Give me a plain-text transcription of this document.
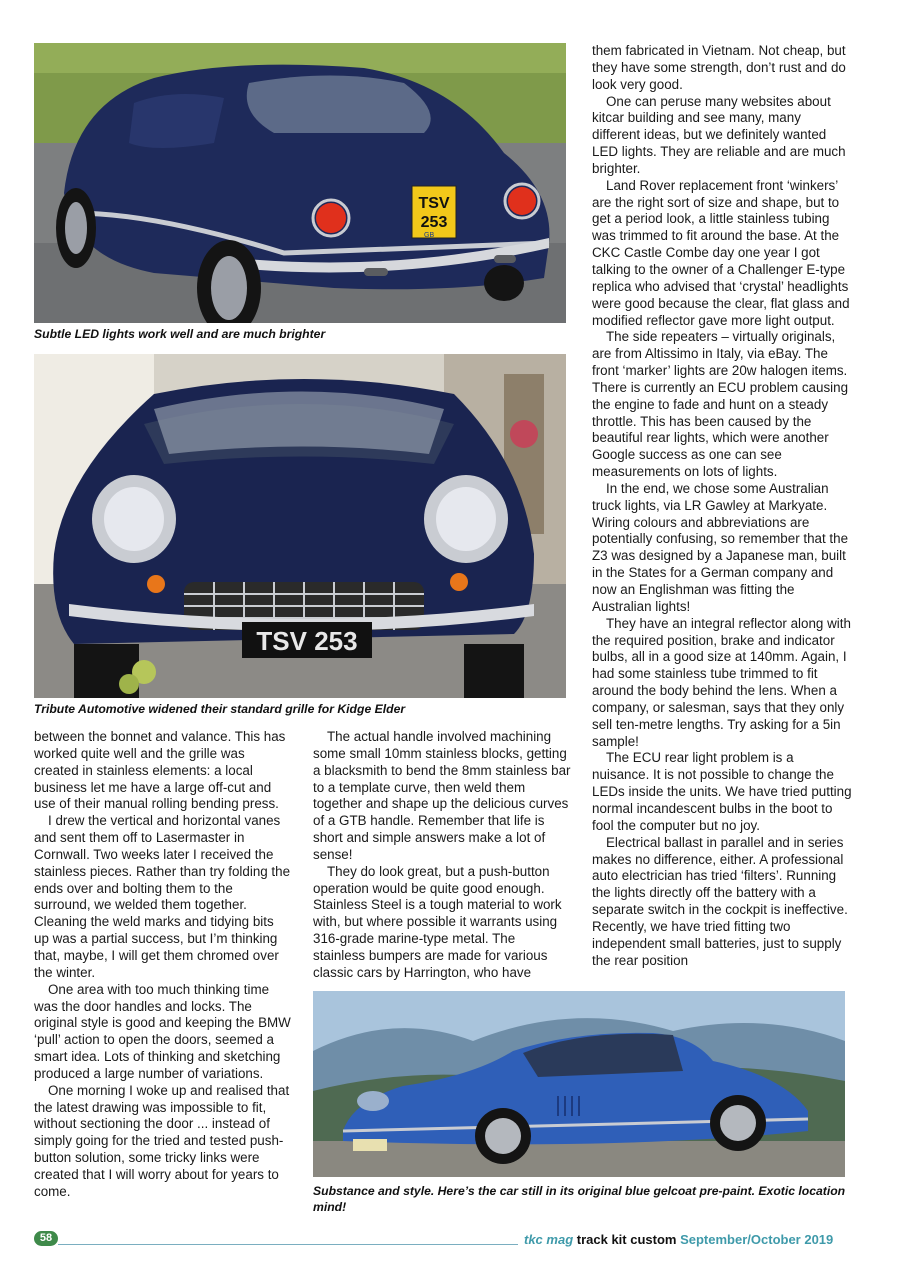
TSV
253
GB
Subtle LED lights work well and are much brighter
TSV 253
Tribute Automotive widened their standard grille for Kidge Elder
Substance and style. Here’s the car still in its original blue gelcoat pre-paint. Exotic location mind!

between the bonnet and valance. This has worked quite well and the grille was created in stainless elements: a local business let me have a large off-cut and use of their manual rolling bending press.

I drew the vertical and horizontal vanes and sent them off to Lasermaster in Cornwall. Two weeks later I received the stainless pieces. Rather than try folding the ends over and bolting them to the surround, we welded them together. Cleaning the weld marks and tidying bits up was a partial success, but I’m thinking that, maybe, I will get them chromed over the winter.

One area with too much thinking time was the door handles and locks. The original style is good and keeping the BMW ‘pull’ action to open the doors, seemed a smart idea. Lots of thinking and sketching produced a large number of variations.

One morning I woke up and realised that the latest drawing was impossible to fit, without sectioning the door ... instead of simply going for the tried and tested push-button solution, some tricky links were created that I will worry about for years to come.

The actual handle involved machining some small 10mm stainless blocks, getting a blacksmith to bend the 8mm stainless bar to a template curve, then weld them together and shape up the delicious curves of a GTB handle. Remember that life is short and simple answers make a lot of sense!

They do look great, but a push-button operation would be quite good enough. Stainless Steel is a tough material to work with, but where possible it warrants using 316-grade marine-type metal. The stainless bumpers are made for various classic cars by Harrington, who have

them fabricated in Vietnam. Not cheap, but they have some strength, don’t rust and do look very good.

One can peruse many websites about kitcar building and see many, many different ideas, but we definitely wanted LED lights. They are reliable and are much brighter.

Land Rover replacement front ‘winkers’ are the right sort of size and shape, but to get a period look, a little stainless tubing was trimmed to fit around the base. At the CKC Castle Combe day one year I got talking to the owner of a Challenger E-type replica who advised that ‘crystal’ headlights were good because the clear, flat glass and modified reflector gave more light output.

The side repeaters – virtually originals, are from Altissimo in Italy, via eBay. The front ‘marker’ lights are 20w halogen items. There is currently an ECU problem causing the engine to fade and hunt on a steady throttle. This has been caused by the beautiful rear lights, which were another Google success as one can see measurements on lots of lights.

In the end, we chose some Australian truck lights, via LR Gawley at Markyate. Wiring colours and abbreviations are potentially confusing, so remember that the Z3 was designed by a Japanese man, built in the States for a German company and now an Englishman was fitting the Australian lights!

They have an integral reflector along with the required position, brake and indicator bulbs, all in a good size at 140mm. Again, I had some stainless tube trimmed to fit around the body behind the lens. When a company, or salesman, says that they only sell ten-metre lengths. Try asking for a 5in sample!

The ECU rear light problem is a nuisance. It is not possible to change the LEDs inside the units. We have tried putting normal incandescent bulbs in the boot to fool the computer but no joy.

Electrical ballast in parallel and in series makes no difference, either. A professional auto electrician has tried ‘filters’. Running the lights directly off the battery with a separate switch in the cockpit is ineffective. Recently, we have tried fitting two independent small batteries, just to supply the rear position

58	tkc mag track kit custom September/October 2019
